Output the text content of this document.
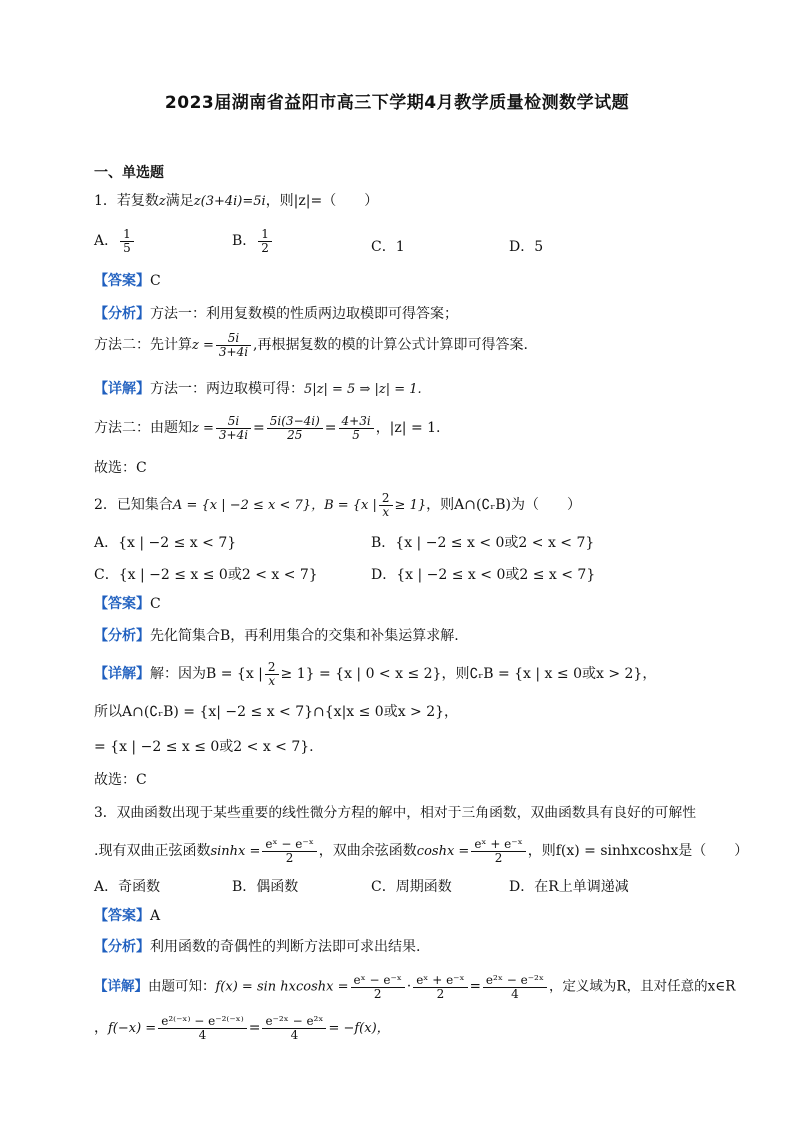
2023届湖南省益阳市高三下学期4月教学质量检测数学试题
一、单选题
1．若复数z满足z(3+4i)=5i，则|z|=（　　）
A． $\frac{1}{5}$	B． $\frac{1}{2}$	C．1	D．5
【答案】C
【分析】方法一：利用复数模的性质两边取模即可得答案；
方法二：先计算$z = \frac{5i}{3+4i}$ ,再根据复数的模的计算公式计算即可得答案.
【详解】方法一：两边取模可得：5|z| = 5 ⇒ |z| = 1.
方法二：由题知$z = \frac{5i}{3+4i} = \frac{5i(3-4i)}{25} = \frac{4+3i}{5}$ ，|z| = 1.
故选：C
2．已知集合A = {x | −2 ≤ x < 7}，B = {x | $\frac{2}{x} \ge 1$}，则A∩(∁ᵣB)为（　　）
A．{x | −2 ≤ x < 7}	B．{x | −2 ≤ x < 0或2 < x < 7}
C．{x | −2 ≤ x ≤ 0或2 < x < 7}	D．{x | −2 ≤ x < 0或2 ≤ x < 7}
【答案】C
【分析】先化简集合B，再利用集合的交集和补集运算求解.
【详解】解：因为B = {x | $\frac{2}{x} \ge 1\} = \{x$ | 0 < x ≤ 2}，则∁ᵣB = {x | x ≤ 0或x > 2}，
所以A∩(∁ᵣB) = {x| −2 ≤ x < 7}∩{x|x ≤ 0或x > 2}，
= {x | −2 ≤ x ≤ 0或2 < x < 7}.
故选：C
3．双曲函数出现于某些重要的线性微分方程的解中，相对于三角函数，双曲函数具有良好的可解性
.现有双曲正弦函数$\sinh x = \frac{\text{eˣ − e⁻ˣ}}{2}$ ，双曲余弦函数$\cosh x = \frac{\text{eˣ + e⁻ˣ}}{2}$ ，则f(x) = sinhxcoshx是（　　）
A．奇函数	B．偶函数	C．周期函数	D．在R上单调递减
【答案】A
【分析】利用函数的奇偶性的判断方法即可求出结果.
【详解】由题可知：$f(x) = \sin hxcoshx = \frac{\text{eˣ − e⁻ˣ}}{2} \cdot \frac{\text{eˣ + e⁻ˣ}}{2} = \frac{\text{e²ˣ − e⁻²ˣ}}{4}$ ，定义域为R，且对任意的x∈R
，$f(-x) = \frac{\text{e²⁽⁻ˣ⁾ − e⁻²⁽⁻ˣ⁾}}{4} = \frac{\text{e⁻²ˣ − e²ˣ}}{4} = -f(x)$，
